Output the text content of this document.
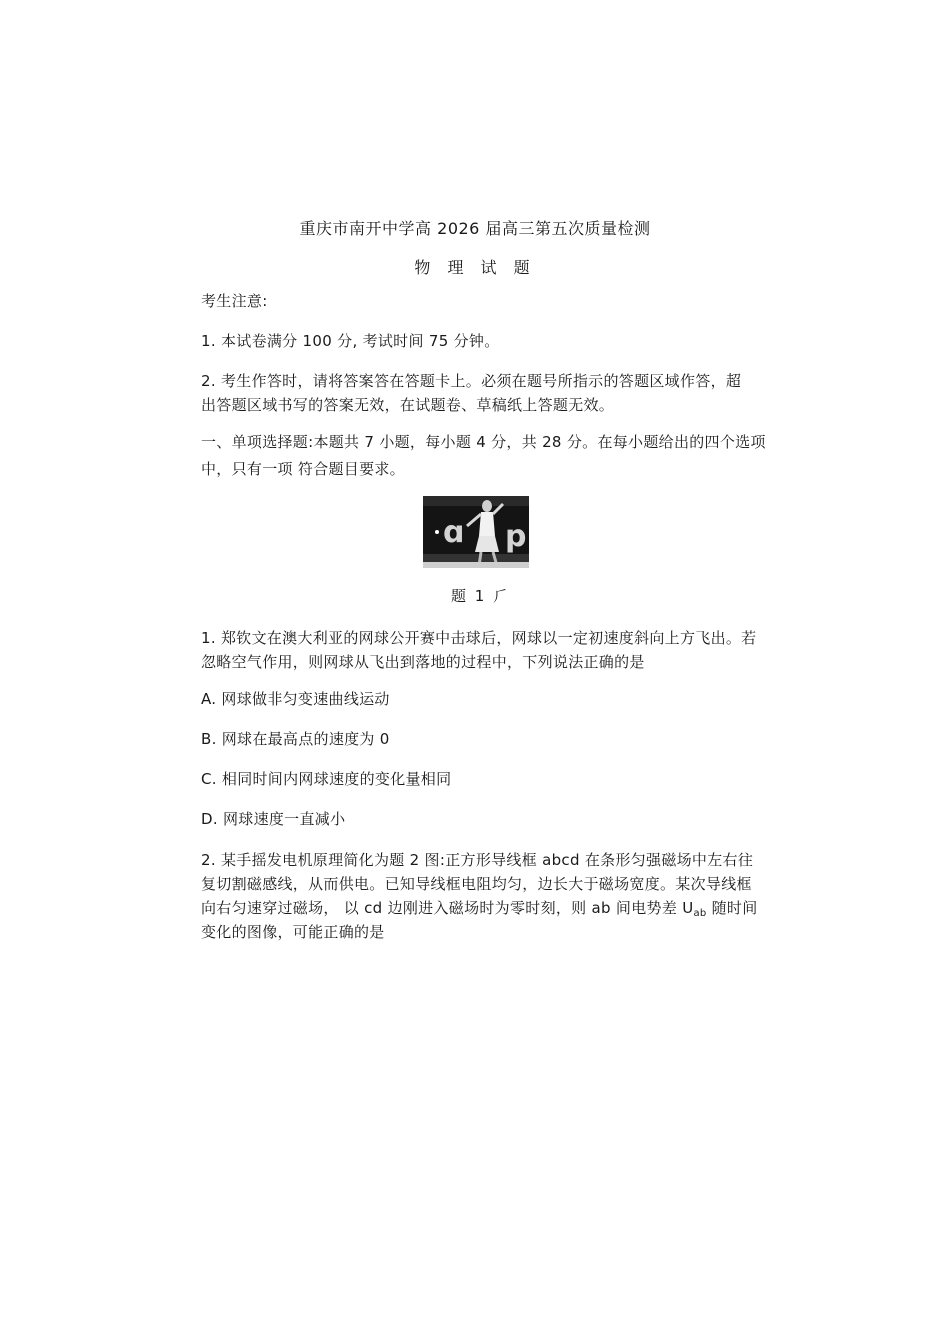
重庆市南开中学高 2026 届高三第五次质量检测
物 理 试 题
考生注意:
1. 本试卷满分 100 分, 考试时间 75 分钟。
2. 考生作答时，请将答案答在答题卡上。必须在题号所指示的答题区域作答，超
出答题区域书写的答案无效，在试题卷、草稿纸上答题无效。
一、单项选择题:本题共 7 小题，每小题 4 分，共 28 分。在每小题给出的四个选项
中，只有一项 符合题目要求。
ɑ p
题 1 ⺁
1. 郑钦文在澳大利亚的网球公开赛中击球后，网球以一定初速度斜向上方飞出。若
忽略空气作用，则网球从飞出到落地的过程中，下列说法正确的是
A. 网球做非匀变速曲线运动
B. 网球在最高点的速度为 0
C. 相同时间内网球速度的变化量相同
D. 网球速度一直减小
2. 某手摇发电机原理简化为题 2 图:正方形导线框 abcd 在条形匀强磁场中左右往
复切割磁感线，从而供电。已知导线框电阻均匀，边长大于磁场宽度。某次导线框
向右匀速穿过磁场， 以 cd 边刚进入磁场时为零时刻，则 ab 间电势差 $U_{ab}$ 随时间
变化的图像，可能正确的是
